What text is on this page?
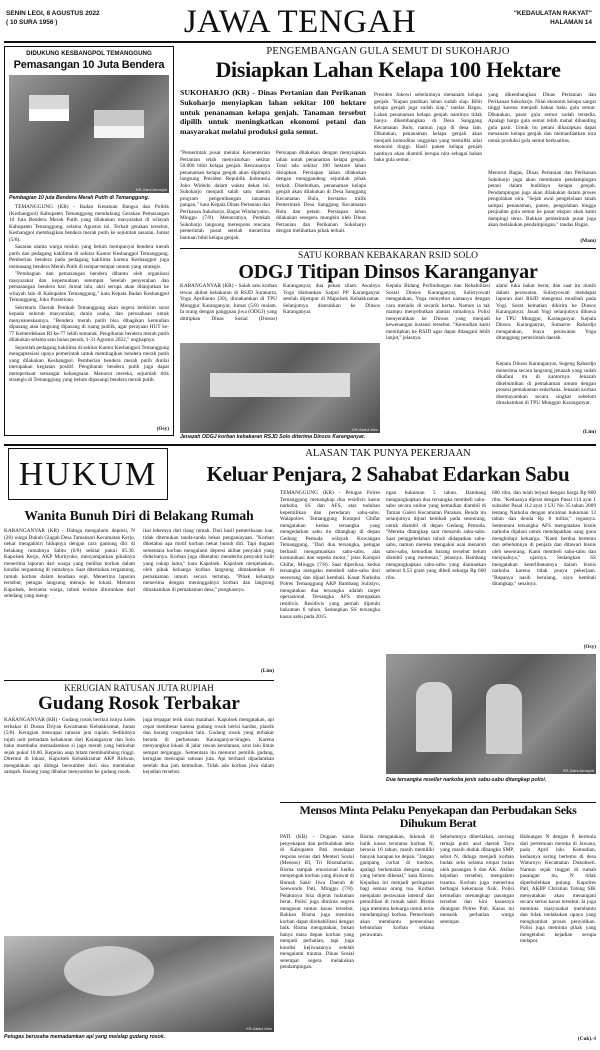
SENIN LEGI, 8 AGUSTUS 2022
( 10 SURA 1956 )	JAWA TENGAH	"KEDAULATAN RAKYAT"
HALAMAN 14
DIDUKUNG KESBANGPOL TEMANGGUNG
Pemasangan 10 Juta Bendera
KR-Zaini Arrosyid
Pembagian 10 juta Bendera Merah Putih di Temanggung.

TEMANGGUNG (KR) - Badan Kesatuan Bangsa dan Politik (Kesbangpol) Kabupaten Temanggung mendukung Gerakan Pemasangan 10 Juta Bendera Merah Putih yang dilakukan masyarakat di wilayah Kabupaten Temanggung, selama Agustus ini. Terkait gerakan tersebut, Kesbangpol membagikan bendera merah putih ke sejumlah sasaran, Jumat (5/8).

Sasaran utama warga miskin yang belum mempunyai bendera merah putih dan pedagang kakilima di sekitar Kantor Kesbangpol Temanggung. Pemberian bendera pada pedagang kakilima karena Kesbangpol juga memasang bendera Merah Putih di tempat-tempat umum yang strategis.

"Pembagian dan pemasangan bendera dibantu oleh organisasi masyarakat dan kepemudaan setempat. Setelah penyerahan dan pemasangan bendera hari Jumat lalu, aksi serupa akan dilanjutkan ke wilayah lain di Kabupaten Temanggung," kata Kepala Badan Kesbangpol Temanggung, Joko Prasetiono.

Sekretaris Daerah Pemkab Temanggung akan segera berkirim surat kepada seluruh masyarakat, dunia usaha, dan perusahaan untuk menyukseskannya. "Bendera merah putih bisa dibagikan kemudian dipasang atau langsung dipasang di ruang publik, agar perayaan HUT ke-77 Kemerdekaan RI ke-77 lebih semarak. Pengibaran bendera merah putih dilakukan selama satu bulan penuh, 1-31 Agustus 2022," ungkapnya.

Sejumlah pedagang kakilima di sekitar Kantor Kesbangpol Temanggung mengapresiasi upaya pemerintah untuk membagikan bendera merah putih yang dilakukan Kesbangpol. Pemberian bendera merah putih dinilai merupakan kegiatan positif. Pengibaran bendera putih juga dapat memperkuat semangat kebangsaan. Menurut mereka, sejumlah titik strategis di Temanggung yang belum dipasangi bendera merah putih.

(Osy)
PENGEMBANGAN GULA SEMUT DI SUKOHARJO
Disiapkan Lahan Kelapa 100 Hektare
SUKOHARJO (KR) - Dinas Pertanian dan Perikanan Sukoharjo menyiapkan lahan sekitar 100 hektare untuk penanaman kelapa genjah. Tanaman tersebut dipilih untuk meningkatkan ekonomi petani dan masyarakat melalui produksi gula semut.
"Pemerintah pusat melalui Kementerian Pertanian telah menyalurkan sekitar 50.000 bibit kelapa genjah. Rencananya penanaman kelapa genjah akan dipimpin langsung Presiden Republik Indonesia Joko Widodo dalam waktu dekat ini. Sukoharjo menjadi salah satu daerah program pengembangan tanaman pangan," kata Kepala Dinas Pertanian dan Perikanan Sukoharjo, Bagas Windaryatno, Minggu (7/8). Menurutnya, Pemkab Sukoharjo langsung merespons rencana pemerintah pusat setelah menerima bantuan bibit kelapa genjah.
Persiapan dilakukan dengan menyiapkan lahan untuk penanaman kelapa genjah. Total ada sekitar 100 hektare lahan disiapkan. Persiapan lahan dilakukan dengan menggandeng sejumlah pihak terkait. Disebutkan, penanaman kelapa genjah akan dilakukan di Desa Sanggang Kecamatan Bulu, berstatus milik Pemerintah Desa Sanggang Kecamatan Bulu dan petani. Persiapan lahan dilakukan sesegera mungkin oleh Dinas Pertanian dan Perikanan Sukoharjo dengan melibatkan pihak terkait.
Presiden Jokowi sebelumnya menanam kelapa genjah. "Kapan pastikan lahan sudah siap. Bibit kelapa genjah juga sudah siap," tandas Bagas. Lahan penanaman kelapa genjah nantinya tidak hanya dikembangkan di Desa Sanggang Kecamatan Bulu, namun juga di desa lain. Dikatakan, penanaman kelapa genjah akan menjadi komoditas unggulan yang memiliki nilai ekonomi tinggi. Hasil panen kelapa genjah nantinya akan diambil berupa nira sebagai bahan baku gula semut.
yang dikembangkan Dinas Pertanian dan Perikanan Sukoharjo. Nilai ekonomi kelapa sangat tinggi karena menjadi bahan baku gula semut. Dikatakan, pasar gula semut sudah tersedia. Apalagi harga gula semut lebih mahal dibanding gula pasir. Untuk itu petani diharapkan dapat menanam kelapa genjah dan memanfaatkan nira untuk produksi gula semut berkualitas.
Menurut Bagas, Dinas Pertanian dan Perikanan Sukoharjo juga akan membantu pendampingan petani dalam budidaya kelapa genjah. Pendampingan juga akan dilakukan dalam proses pengolahan nira. "Sejak awal pengelolaan tanah sampai penanaman, panen, pengolahan hingga penjualan gula semut ke pasar ekspor akan kami dampingi terus. Bahkan pemerintah pusat juga akan melakukan pendampingan," tandas Bagas.
(Mam)
SATU KORBAN KEBAKARAN RSJD SOLO
ODGJ Titipan Dinsos Karanganyar
KARANGANYAR (KR) - Salah satu korban tewas akibat kebakaran di RSJD Surakarta, Yoga Aprilianto (30), dimakamkan di TPU Munggur Karanganyar, Jumat (5/8) malam. Ia orang dengan gangguan jiwa (ODGJ) yang dititipkan Dinas Sosial (Dinsos) Karanganyar, dua pekan silam. Awalnya Yoga diamankan Satpol PP Karanganyar setelah dijemput di Mapolsek Kebakkramat. Selanjutnya diserahkan ke Dinsos Karanganyar.
KR-Abdul Alim
Kepala Bidang Perlindungan dan Rehabilitasi Sosial Dinsos Karanganyar, Sulistyowati mengatakan, Yoga menyebut namanya dengan cara menulis di secarik kertas. Namun ia tak mampu menyebutkan alamat rumahnya. Polisi menyerahkan ke Dinsos yang menjadi kewenangan instansi tersebut. "Kemudian kami menitipkan ke RSJD agar dapat ditangani lebih lanjut," jelasnya.
alami luka bakar berat, dan saat itu masih dalam perawatan. Sulistyowati mendapat laporan dari RSJD mengenai musibah pada Yogi. Surat kematian dikirim ke Dinsos Karanganyar. Jasad Yogi selanjutnya dibawa ke TPU Munggur, Karanganyar. Kepala Dinsos Karanganyar, Sumarno Rahardjo mengatakan, biaya perawatan Yoga ditanggung pemerintah daerah.
Kepala Dinsos Karanganyar, Sugeng Rahardjo menerima secara langsung jenazah yang sudah dikafani itu di kantornya. Jenazah dikebumikan di pemakaman umum dengan prosesi pemakaman sederhana. Jenazah korban disemayamkan secara singkat sebelum dimakamkan di TPU Munggur Karanganyar.
(Lim)
Jenazah ODGJ korban kebakaran RSJD Solo diterima Dinsos Karanganyar.
HUKUM
ALASAN TAK PUNYA PEKERJAAN
Keluar Penjara, 2 Sahabat Edarkan Sabu
Wanita Bunuh Diri di Belakang Rumah
KARANGANYAR (KR) - Diduga mengalami depresi, N (28) warga Dukuh Glagah Desa Tamansari Kecamatan Kerjo, nekat mengakhiri hidupnya dengan cara gantung diri di belakang rumahnya Sabtu (6/8) sekitar pukul 05.30. Kapolsek Kerjo, AKP Murtiyoko, menyampaikan pihaknya menerima laporan dari warga yang melihat korban dalam kondisi tergantung di rumahnya. Saat ditemukan tergantung, rumah korban dalam keadaan sepi. Menerima laporan tersebut, petugas langsung menuju ke lokasi. Menurut Kapolsek, bersama warga, tubuh korban diturunkan dari seledang yang meng-
ikat lehernya dari tiang rumah. Dari hasil pemeriksaan luar, tidak ditemukan tanda-tanda bekas penganiayaan. "Korban diketahui apa motif korban nekat bunuh diri. Tapi dugaan sementara korban mengalami depresi akibat penyakit yang dideritanya. Korban juga diketahui menderita penyakit kulit yang cukup lama," kata Kapolsek. Kapolsek menjelaskan, oleh pihak keluarga korban langsung dimakamkan di pemakaman umum secara tertutup. "Pihak keluarga menerima dengan meninggalnya korban dan langsung dimakamkan di pemakaman desa," pungkasnya.
(Lim)
KERUGIAN RATUSAN JUTA RUPIAH
Gudang Rosok Terbakar
KARANGANYAR (KR) - Gudang rosok berikut isinya ludes terbakar di Dusun Driyan Kecamatan Kebakkramat, Jumat (5/8). Kerugian mencapai ratusan juta rupiah. Sedikitnya tujuh unit pemadam kebakaran dari Karanganyar dan Solo bahu membahu memadamkan si jago merah yang berkobar sejak pukul 10.00. Kepulan asap hitam membumbung tinggi. Ditemui di lokasi, Kapolsek Kebakkramat AKP Ridwan, mengatakan api diduga bersumber dari sisa membakar sampah. Barang yang dibakar menyambar ke gudang rosok.
juga terpapar terik sinar matahari. Kapolsek mengatakan, api cepat membesar karena gudang rosok berisi kardus, plastik dan barang rongsokan lain. Gudang rosok yang terbakar berada di perbatasan Karanganyar-Sragen. Karena menyangkut lokasi di jalur rawan kendaraan, arus lalu lintas sempat terganggu. Sementara itu menurut pemilik gudang, kerugian mencapai ratusan juta. Api berhasil dipadamkan setelah dua jam kemudian. Tidak ada korban jiwa dalam kejadian tersebut.
KR-Abdul Alim
Petugas berusaha memadamkan api yang melalap gudang rosok.
TEMANGGUNG (KR) - Petugas Polres Temanggung menangkap dua residivis kasus narkoba, SS dan AFS, atas tuduhan kepemilikan dan peredaran sabu-sabu. Walapolres Temanggung Kompol Ghifar mengatakan kedua tersangka yang mengedarkan sabu itu ditangkap di depan Gedung Pemuda wilayah Kowangan Temanggung. "Dari dua tersangka, petugas berhasil mengamankan sabu-sabu, alat komunikasi dan sepeda motor," jelas Kompol Ghifar, Minggu (7/8). Saat diperiksa, kedua tersangka mengaku membeli sabu-sabu dari seseorang dan dijual kembali. Kasat Narkoba Polres Temanggung AKP Bambang Sulistyo, mengatakan dua tersangka adalah target operasional. Tersangka AFS merupakan residivis. Residivis yang pernah dijatuhi hukuman 6 tahun. Sedangkan SS tersangka kasus sabu pada 2015.
ngan hukuman 5 tahun. Bambang mengungkapkan dua tersangka membeli sabu-sabu secara online yang kemudian diambil di Taman Galeri Kecamatan Parakan. Benda itu selanjutnya dijual kembali pada seseorang, untuk diambil di depan Gedung Pemuda. "Mereka ditangkap saat menaruh sabu-sabu. Saat penggeledahan tubuh didapatkan sabu-sabu, namun mereka mengakui usai menaruh sabu-sabu, kemudian barang tersebut belum diambil yang memesan," jelasnya. Bambang mengungkapkan sabu-sabu yang diamankan seberat 0,53 gram yang dibeli seharga Rp 600 ribu.
600 ribu, dan telah terjual dengan harga Rp 800 ribu. "Keduanya dijerat dengan Pasal 114 ayat 1 subsider Pasal 112 ayat 1 UU No 35 tahun 2009 tentang Narkoba dengan ancaman hukuman 12 tahun dan denda Rp 8 miliar," tegasnya. Sementara tersangka AFS mengatakan bisnis narkoba dijalani untuk mendapatkan uang guna menghidupi keluarga. "Kami berdua bertemu dan sebelumnya di penjara dan ditawari bisnis oleh seseorang. Kami membeli sabu-sabu dan menjualnya," ujarnya. Sedangkan SS mengatakan keterlibatannya dalam bisnis narkoba karena tidak punya pekerjaan. "Rupanya nasib berulang, saya kembali ditangkap," sesalnya.
KR-Zaini Arrosyid
Dua tersangka reseller narkoba jenis sabu-sabu ditangkap polisi.
(Osy)
Mensos Minta Pelaku Penyekapan dan Perbudakan Seks Dihukum Berat
PATI (KR) - Dugaan kasus penyekapan dan perbudakan seks di Kabupaten Pati mendapat respons serius dari Menteri Sosial (Mensos) RI, Tri Rismaharini. Risma tampak emosional ketika menjenguk korban yang dirawat di Rumah Sakit Jiwa Daerah dr Soewondo Pati, Minggu (7/8). Pelakunya bisa dijerat hukuman berat. Polisi juga diminta segera mengusut tuntas kasus tersebut. Bahkan Risma juga meminta korban dapat direhabilitasi dengan baik. Risma mengatakan, bukan hanya masa depan korban yang menjadi perhatian, tapi juga kondisi kejiwaannya setelah mengalami trauma. Dinas Sosial setempat segera melakukan pendampingan.
Risma mengatakan, hikmah di balik kasus terutama korban N, berusia 16 tahun, masih memiliki banyak harapan ke depan. "Jangan gampang curhat di medsos, apalagi berkenalan dengan orang yang belum dikenal," kata Risma. Kejadian ini menjadi peringatan bagi semua orang tua. Korban menjalani perawatan intensif dan pemulihan di rumah sakit. Risma juga meminta keluarga untuk terus mendampingi korban. Pemerintah akan membantu pemenuhan kebutuhan korban selama perawatan.
Sebelumnya diberitakan, seorang remaja putri asal daerah Tayu yang masih duduk dibangku SMP, sebut N, diduga menjadi korban budak seks selama empat bulan oleh pasangan S dan AK. Akibat kejadian tersebut, mengalami trauma. Korban juga menerima berbagai kekerasan fisik. Polisi kemudian menangkap pasangan tersebut dan kini kasusnya ditangani Polres Pati. Kasus ini menarik perhatian warga setempat.
Hubungan N dengan P, bermula dari pertemuan mereka di Jawana, pada April lalu. Kemudian, keduanya sering bertemu di desa Waturoyo Kecamatan Dukuhseti. Namun sejak tinggal di rumah pasangan itu, N tidak diperbolehkan pulang. Kapolres Pati, AKBP Christian Tobing SIK menyatakan akan menangani secara serius kasus tersebut. Ia juga meminta masyarakat membantu dan tidak melakukan upaya yang menghambat proses penyidikan. Polisi juga meminta pihak yang mengetahui kejadian serupa melapor.
(Cuk).-f
